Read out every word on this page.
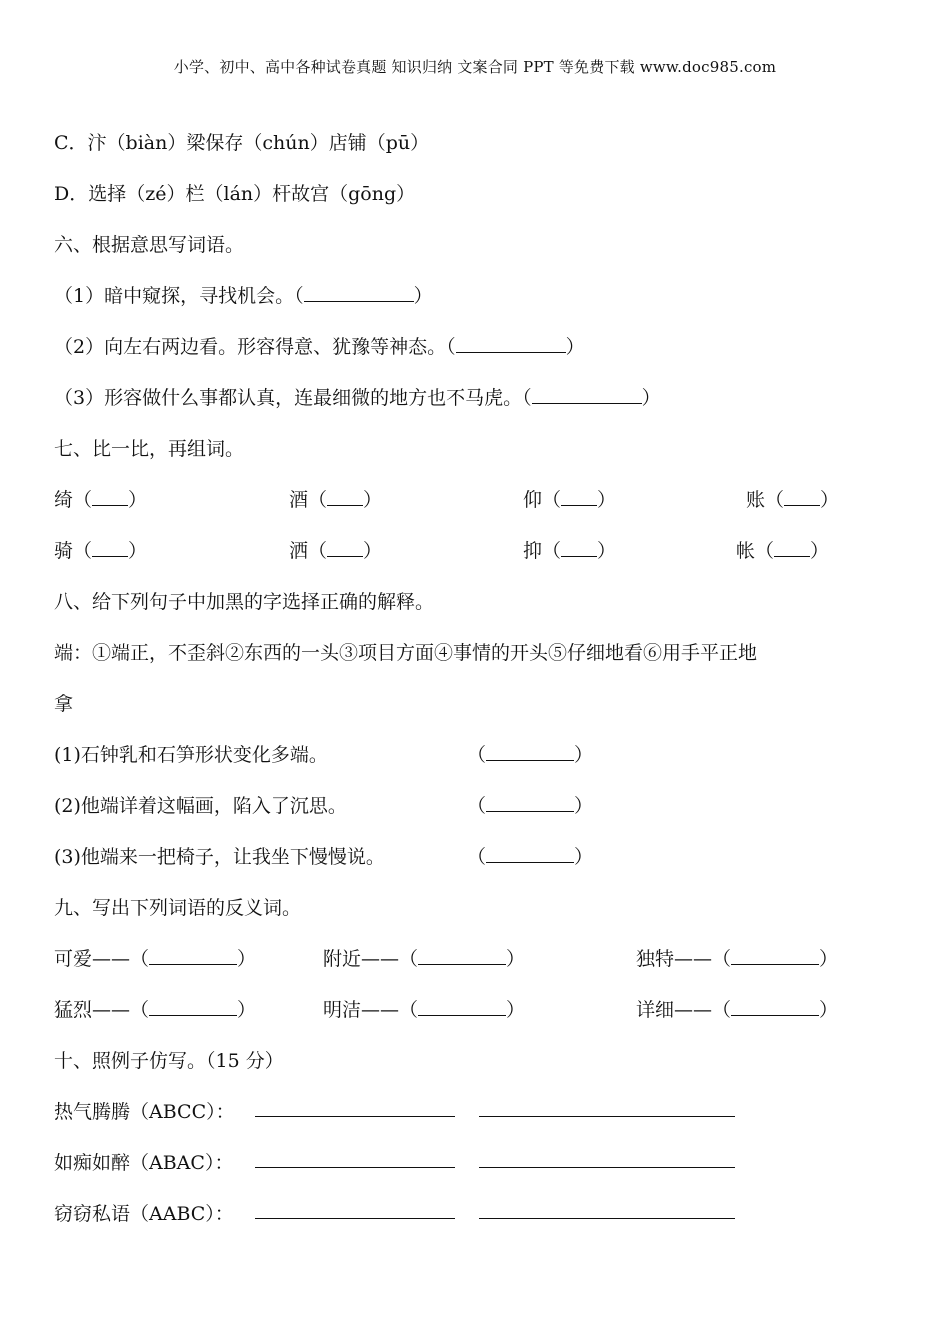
小学、初中、高中各种试卷真题 知识归纳 文案合同 PPT 等免费下载 www.doc985.com
C．汴（biàn）梁保存（chún）店铺（pū）
D．选择（zé）栏（lán）杆故宫（gōng）
六、根据意思写词语。
（1）暗中窥探，寻找机会。（	）
（2）向左右两边看。形容得意、犹豫等神态。（	）
（3）形容做什么事都认真，连最细微的地方也不马虎。（	）
七、比一比，再组词。
绮（ ）	酒（ ）	仰（ ）	账（ ）
骑（ ）	洒（ ）	抑（ ）	帐（ ）
八、给下列句子中加黑的字选择正确的解释。
端：①端正，不歪斜②东西的一头③项目方面④事情的开头⑤仔细地看⑥用手平正地
拿
(1)石钟乳和石笋形状变化多端。	（	）
(2)他端详着这幅画，陷入了沉思。	（	）
(3)他端来一把椅子，让我坐下慢慢说。	（	）
九、写出下列词语的反义词。
可爱——（	）	附近——（	）	独特——（	）
猛烈——（	）	明洁——（	）	详细——（	）
十、照例子仿写。（15 分）
热气腾腾（ABCC）：
如痴如醉（ABAC）：
窃窃私语（AABC）：
